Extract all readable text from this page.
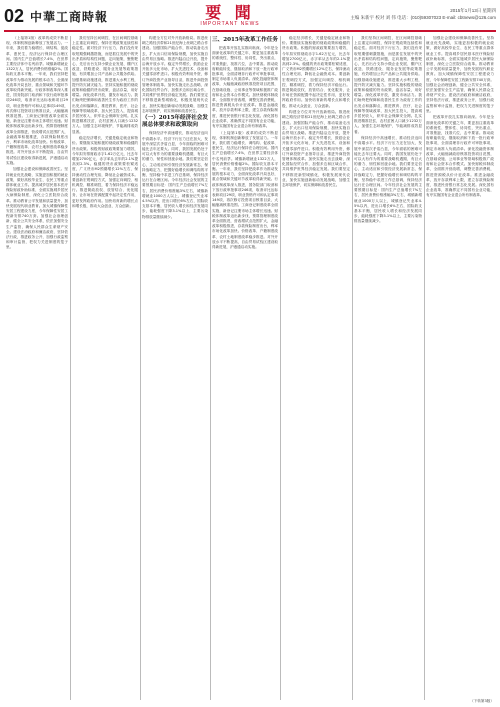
02 中華工商時報	要 聞
IMPORTANT NEWS
2015年1月13日 星期四
主编 朱新宇 校对 刘 伟 电话：(010)59307023 E-mail: cbtnews@126.com

（上接第1版）改革的成效不断显现，体制机制创新释放了发展活力。一年来，我们着力稳增长、调结构、促改革、惠民生，经济运行保持在合理区间。国内生产总值增长7.4%，在世界主要经济体中名列前茅。城镇新增就业1322万人，居民消费价格涨幅2%。国际收支基本平衡。一年来，我们坚持把改革作为推动发展的根本动力，全面深化改革开局良好，重点领域和关键环节改革取得新突破。行政体制改革深入推进，国务院部门取消和下放行政审批事项246项，取消评比达标表彰项目29项，职业资格许可和认定事项149项，再次修订投资项目核准目录，大幅缩减核准范围。工商登记制度改革全面实施，新登记注册市场主体增长迅速。财税体制改革迈出新步伐，预算管理制度改革全面推进，营改增试点范围扩大，金融改革积极推进，存款保险制度出台，利率市场化改革加快。价格改革、户籍制度改革、农村土地制度改革稳步推进。对外开放水平不断提高，自由贸易试验区建设取得新进展，沪港通启动实施。

加强社会建设和保障改善民生。坚持就业优先战略，实施更加积极的就业政策，做好高校毕业生、农民工等重点群体就业工作。提高城乡居民基本医疗保险财政补助标准，全面实施城乡居民大病保险制度，深化公立医院综合改革。推动教育公平发展和质量提升，加快发展现代职业教育。加大城镇保障性安居工程建设力度，今年保障性安居工程新安排740万套。加强社会治理创新，健全公共安全体系，依法加强安全生产监管，确保人民群众生命财产安全。建设法治政府和廉洁政府，坚持依法行政，推进政务公开，加强行政监察和审计监督，把权力关进制度的笼子里。

我们坚持区间调控，在区间调控基础上注重定向调控，保持宏观政策连续性和稳定性。面对经济下行压力，我们没有采取短期强刺激措施，而是抓住发展中的突出矛盾和结构性问题，定向施策，聚焦靶心，先后出台支持小微企业发展、棚户区改造、铁路建设、服务业发展等政策措施，有效增加公共产品和公共服务供给。加强基础设施建设，推进重大水利工程，提升防灾减灾能力。坚持实施积极的财政政策和稳健的货币政策，盘活存量，用好增量。深化改革开放，激发市场活力。我们始终把保障和改善民生作为政府工作的出发点和落脚点，推进教育、医疗、社会保障等领域改革，加大民生投入，提高城乡居民收入，织牢社会保障安全网。扎实推进精准扶贫，农村贫困人口减少1232万人。加强生态环境保护，节能减排成效显著。

稳定经济增长，关键是稳定就业和物价。要继续实施积极的财政政策和稳健的货币政策。积极的财政政策要加力增效，今年拟安排财政赤字1.62万亿元，比去年增加2700亿元，赤字率从去年的2.1%提高到2.3%。稳健的货币政策要松紧适度，广义货币M2预期增长12%左右，保持流动性合理充裕，降低社会融资成本。要创新宏观调控方式，加强定向调控、相机调控、精准调控，着力保持经济平稳运行。推进简政放权、放管结合、优化服务，让市场在资源配置中起决定性作用，更好发挥政府作用。加快培育新的增长点和增长极，推动大众创业、万众创新。

构建全方位对外开放新格局。推进丝绸之路经济带和21世纪海上丝绸之路合作建设。加强国际产能合作，推动装备走出去，扩大出口信用保险规模，加快实施自由贸易区战略。推进内陆沿边开放，提升沿海开放水平。稳定外贸增长，鼓励企业开拓多元化市场，扩大先进技术、设备和关键零部件进口。积极有效利用外资，修订外商投资产业指导目录，推进外商投资管理体制改革。加快实施走出去战略，深化国际经贸合作，加强多边和区域合作，共同维护世界经济稳定发展。我们要坚定不移推进新型城镇化，积极发展现代农业，加快实施创新驱动发展战略，加强生态环境保护，切实保障和改善民生。

（一）2015年经济社会发展总体要求和政策取向

保持经济中高速增长，推动经济迈向中高端水平。经济下行压力还在加大，发展中深层次矛盾凸显，今年面临的困难可能比去年还要大。同时，我国发展仍处于可以大有作为的重要战略机遇期，有巨大的潜力、韧性和回旋余地。我们要坚定信心，主动适应和引领经济发展新常态，保持战略定力，把握好稳增长和调结构的平衡，坚持稳中求进工作总基调，保持经济运行在合理区间。今年经济社会发展的主要预期目标是：国内生产总值增长7%左右，居民消费价格涨幅3%左右，城镇新增就业1000万人以上，城镇登记失业率4.5%以内，进出口增长6%左右，国际收支基本平衡，居民收入增长和经济发展同步，能耗强度下降3.1%以上，主要污染物排放量继续减少。

三、2015年改革工作任务

把改革开放扎实推向纵深。今年是全面深化改革的关键之年，要更加注重改革的系统性、整体性、协同性，突出重点，对准焦距，找准穴位，击中要害。推动政府职能转变，继续取消和下放一批行政审批事项，全面清理非行政许可审批事项，制定市场准入负面清单。深化投融资体制改革，大幅缩减政府核准投资项目范围，在基础设施、公用事业等领域积极推广政府和社会资本合作模式。加快财税体制改革，全面推开营改增，调整完善消费税，推进资源税从价计征改革。推进金融改革，放开存款利率上限，建立存款保险制度，推进民营银行常态化发展。深化国有企业改革，准确界定不同国有企业功能，有序实施国有企业混合所有制改革。

（上接第1版）改革的成效不断显现，体制机制创新释放了发展活力。一年来，我们着力稳增长、调结构、促改革、惠民生，经济运行保持在合理区间。国内生产总值增长7.4%，在世界主要经济体中名列前茅。城镇新增就业1322万人，居民消费价格涨幅2%。国际收支基本平衡。一年来，我们坚持把改革作为推动发展的根本动力，全面深化改革开局良好，重点领域和关键环节改革取得新突破。行政体制改革深入推进，国务院部门取消和下放行政审批事项246项，取消评比达标表彰项目29项，职业资格许可和认定事项149项，再次修订投资项目核准目录，大幅缩减核准范围。工商登记制度改革全面实施，新登记注册市场主体增长迅速。财税体制改革迈出新步伐，预算管理制度改革全面推进，营改增试点范围扩大，金融改革积极推进，存款保险制度出台，利率市场化改革加快。价格改革、户籍制度改革、农村土地制度改革稳步推进。对外开放水平不断提高，自由贸易试验区建设取得新进展，沪港通启动实施。

稳定经济增长，关键是稳定就业和物价。要继续实施积极的财政政策和稳健的货币政策。积极的财政政策要加力增效，今年拟安排财政赤字1.62万亿元，比去年增加2700亿元，赤字率从去年的2.1%提高到2.3%。稳健的货币政策要松紧适度，广义货币M2预期增长12%左右，保持流动性合理充裕，降低社会融资成本。要创新宏观调控方式，加强定向调控、相机调控、精准调控，着力保持经济平稳运行。推进简政放权、放管结合、优化服务，让市场在资源配置中起决定性作用，更好发挥政府作用。加快培育新的增长点和增长极，推动大众创业、万众创新。

构建全方位对外开放新格局。推进丝绸之路经济带和21世纪海上丝绸之路合作建设。加强国际产能合作，推动装备走出去，扩大出口信用保险规模，加快实施自由贸易区战略。推进内陆沿边开放，提升沿海开放水平。稳定外贸增长，鼓励企业开拓多元化市场，扩大先进技术、设备和关键零部件进口。积极有效利用外资，修订外商投资产业指导目录，推进外商投资管理体制改革。加快实施走出去战略，深化国际经贸合作，加强多边和区域合作，共同维护世界经济稳定发展。我们要坚定不移推进新型城镇化，积极发展现代农业，加快实施创新驱动发展战略，加强生态环境保护，切实保障和改善民生。

我们坚持区间调控，在区间调控基础上注重定向调控，保持宏观政策连续性和稳定性。面对经济下行压力，我们没有采取短期强刺激措施，而是抓住发展中的突出矛盾和结构性问题，定向施策，聚焦靶心，先后出台支持小微企业发展、棚户区改造、铁路建设、服务业发展等政策措施，有效增加公共产品和公共服务供给。加强基础设施建设，推进重大水利工程，提升防灾减灾能力。坚持实施积极的财政政策和稳健的货币政策，盘活存量，用好增量。深化改革开放，激发市场活力。我们始终把保障和改善民生作为政府工作的出发点和落脚点，推进教育、医疗、社会保障等领域改革，加大民生投入，提高城乡居民收入，织牢社会保障安全网。扎实推进精准扶贫，农村贫困人口减少1232万人。加强生态环境保护，节能减排成效显著。

保持经济中高速增长，推动经济迈向中高端水平。经济下行压力还在加大，发展中深层次矛盾凸显，今年面临的困难可能比去年还要大。同时，我国发展仍处于可以大有作为的重要战略机遇期，有巨大的潜力、韧性和回旋余地。我们要坚定信心，主动适应和引领经济发展新常态，保持战略定力，把握好稳增长和调结构的平衡，坚持稳中求进工作总基调，保持经济运行在合理区间。今年经济社会发展的主要预期目标是：国内生产总值增长7%左右，居民消费价格涨幅3%左右，城镇新增就业1000万人以上，城镇登记失业率4.5%以内，进出口增长6%左右，国际收支基本平衡，居民收入增长和经济发展同步，能耗强度下降3.1%以上，主要污染物排放量继续减少。

加强社会建设和保障改善民生。坚持就业优先战略，实施更加积极的就业政策，做好高校毕业生、农民工等重点群体就业工作。提高城乡居民基本医疗保险财政补助标准，全面实施城乡居民大病保险制度，深化公立医院综合改革。推动教育公平发展和质量提升，加快发展现代职业教育。加大城镇保障性安居工程建设力度，今年保障性安居工程新安排740万套。加强社会治理创新，健全公共安全体系，依法加强安全生产监管，确保人民群众生命财产安全。建设法治政府和廉洁政府，坚持依法行政，推进政务公开，加强行政监察和审计监督，把权力关进制度的笼子里。

把改革开放扎实推向纵深。今年是全面深化改革的关键之年，要更加注重改革的系统性、整体性、协同性，突出重点，对准焦距，找准穴位，击中要害。推动政府职能转变，继续取消和下放一批行政审批事项，全面清理非行政许可审批事项，制定市场准入负面清单。深化投融资体制改革，大幅缩减政府核准投资项目范围，在基础设施、公用事业等领域积极推广政府和社会资本合作模式。加快财税体制改革，全面推开营改增，调整完善消费税，推进资源税从价计征改革。推进金融改革，放开存款利率上限，建立存款保险制度，推进民营银行常态化发展。深化国有企业改革，准确界定不同国有企业功能，有序实施国有企业混合所有制改革。

（下转第3版）
